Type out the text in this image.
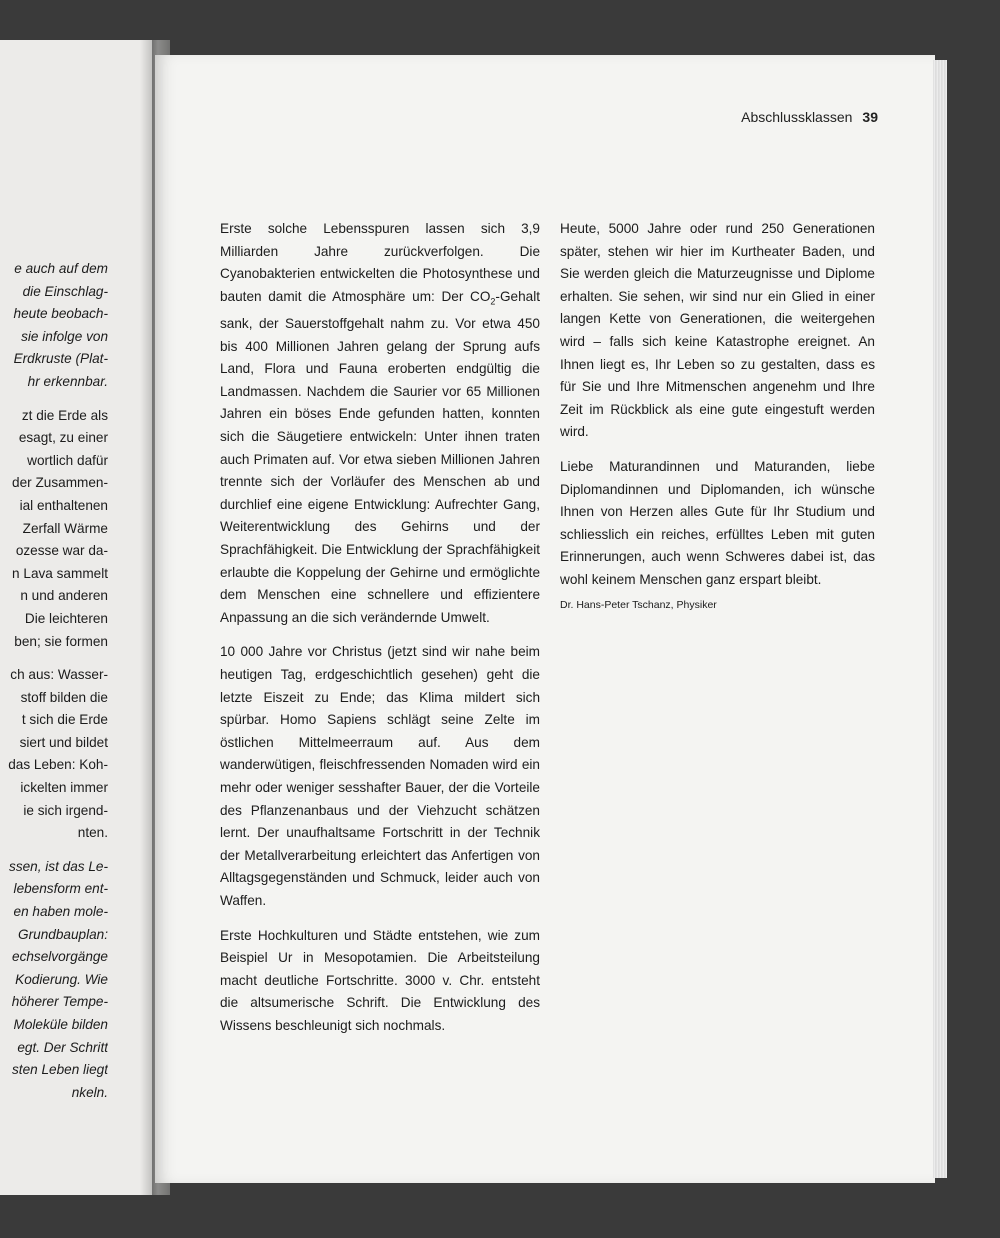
e auch auf dem
die Einschlag-
heute beobach-
sie infolge von
Erdkruste (Plat-
hr erkennbar.
zt die Erde als
esagt, zu einer
wortlich dafür
der Zusammen-
ial enthaltenen
Zerfall Wärme
ozesse war da-
n Lava sammelt
n und anderen
Die leichteren
ben; sie formen
ch aus: Wasser-
stoff bilden die
t sich die Erde
siert und bildet
das Leben: Koh-
ickelten immer
ie sich irgend-
nten.
ssen, ist das Le-
lebensform ent-
en haben mole-
Grundbauplan:
echselvorgänge
Kodierung. Wie
höherer Tempe-
Moleküle bilden
egt. Der Schritt
sten Leben liegt
nkeln.
Abschlussklassen 39

Erste solche Lebensspuren lassen sich 3,9 Milliarden Jahre zurückverfolgen. Die Cyanobakterien entwickelten die Photosynthese und bauten damit die Atmosphäre um: Der $CO_2$-Gehalt sank, der Sauerstoffgehalt nahm zu. Vor etwa 450 bis 400 Millionen Jahren gelang der Sprung aufs Land, Flora und Fauna eroberten endgültig die Landmassen. Nachdem die Saurier vor 65 Millionen Jahren ein böses Ende gefunden hatten, konnten sich die Säugetiere entwickeln: Unter ihnen traten auch Primaten auf. Vor etwa sieben Millionen Jahren trennte sich der Vorläufer des Menschen ab und durchlief eine eigene Entwicklung: Aufrechter Gang, Weiterentwicklung des Gehirns und der Sprachfähigkeit. Die Entwicklung der Sprachfähigkeit erlaubte die Koppelung der Gehirne und ermöglichte dem Menschen eine schnellere und effizientere Anpassung an die sich verändernde Umwelt.

10 000 Jahre vor Christus (jetzt sind wir nahe beim heutigen Tag, erdgeschichtlich gesehen) geht die letzte Eiszeit zu Ende; das Klima mildert sich spürbar. Homo Sapiens schlägt seine Zelte im östlichen Mittelmeerraum auf. Aus dem wanderwütigen, fleischfressenden Nomaden wird ein mehr oder weniger sesshafter Bauer, der die Vorteile des Pflanzenanbaus und der Viehzucht schätzen lernt. Der unaufhaltsame Fortschritt in der Technik der Metallverarbeitung erleichtert das Anfertigen von Alltagsgegenständen und Schmuck, leider auch von Waffen.

Erste Hochkulturen und Städte entstehen, wie zum Beispiel Ur in Mesopotamien. Die Arbeitsteilung macht deutliche Fortschritte. 3000 v. Chr. entsteht die altsumerische Schrift. Die Entwicklung des Wissens beschleunigt sich nochmals.

Heute, 5000 Jahre oder rund 250 Generationen später, stehen wir hier im Kurtheater Baden, und Sie werden gleich die Maturzeugnisse und Diplome erhalten. Sie sehen, wir sind nur ein Glied in einer langen Kette von Generationen, die weitergehen wird – falls sich keine Katastrophe ereignet. An Ihnen liegt es, Ihr Leben so zu gestalten, dass es für Sie und Ihre Mitmenschen angenehm und Ihre Zeit im Rückblick als eine gute eingestuft werden wird.

Liebe Maturandinnen und Maturanden, liebe Diplomandinnen und Diplomanden, ich wünsche Ihnen von Herzen alles Gute für Ihr Studium und schliesslich ein reiches, erfülltes Leben mit guten Erinnerungen, auch wenn Schweres dabei ist, das wohl keinem Menschen ganz erspart bleibt.

Dr. Hans-Peter Tschanz, Physiker
